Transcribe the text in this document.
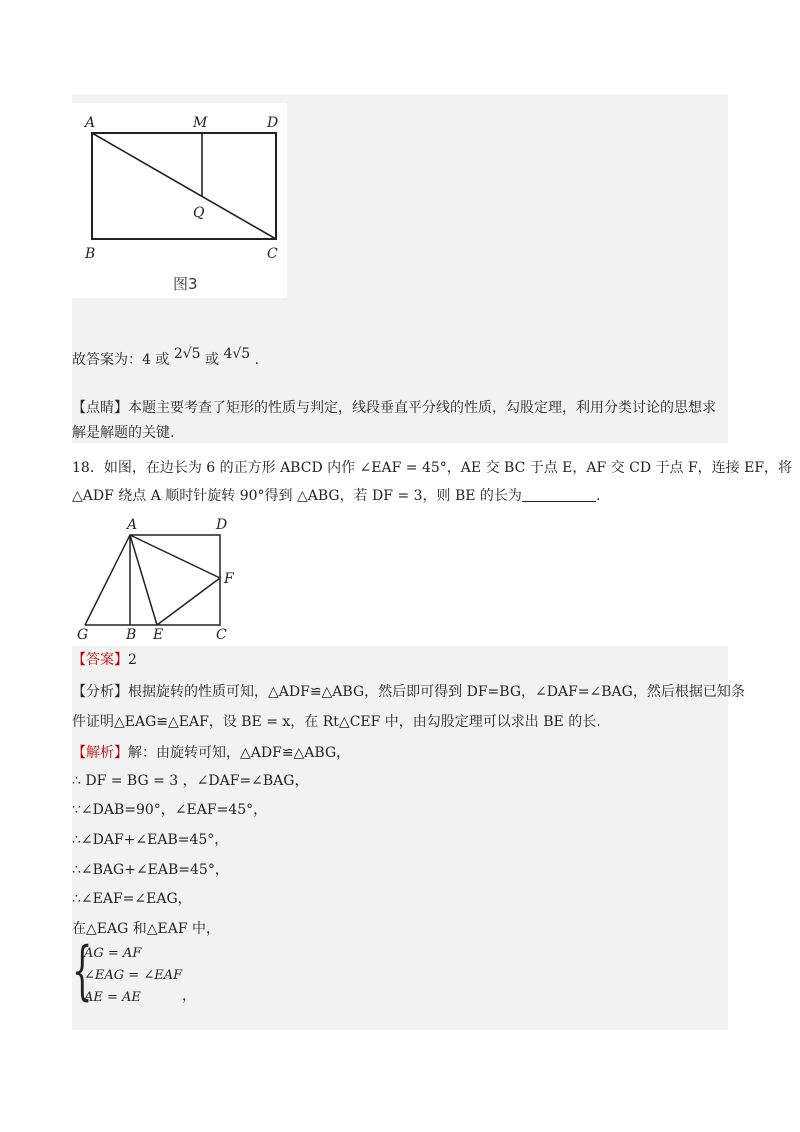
A	M	D
Q
B	C
图3
故答案为：4 或 2√5 或 4√5 .
【点睛】本题主要考查了矩形的性质与判定，线段垂直平分线的性质，勾股定理，利用分类讨论的思想求
解是解题的关键.
18．如图，在边长为 6 的正方形 ABCD 内作 ∠EAF = 45°，AE 交 BC 于点 E，AF 交 CD 于点 F，连接 EF，将
△ADF 绕点 A 顺时针旋转 90°得到 △ABG，若 DF = 3，则 BE 的长为	.
A	D
F
G	B E	C
【答案】2
【分析】根据旋转的性质可知，△ADF≌△ABG，然后即可得到 DF=BG，∠DAF=∠BAG，然后根据已知条
件证明△EAG≌△EAF，设 BE = x，在 Rt△CEF 中，由勾股定理可以求出 BE 的长.
【解析】解：由旋转可知，△ADF≌△ABG，
∴ DF = BG = 3 ，∠DAF=∠BAG，
∵∠DAB=90°，∠EAF=45°，
∴∠DAF+∠EAB=45°，
∴∠BAG+∠EAB=45°，
∴∠EAF=∠EAG，
在△EAG 和△EAF 中，
{
AG = AF
∠EAG = ∠EAF
AE = AE	，
